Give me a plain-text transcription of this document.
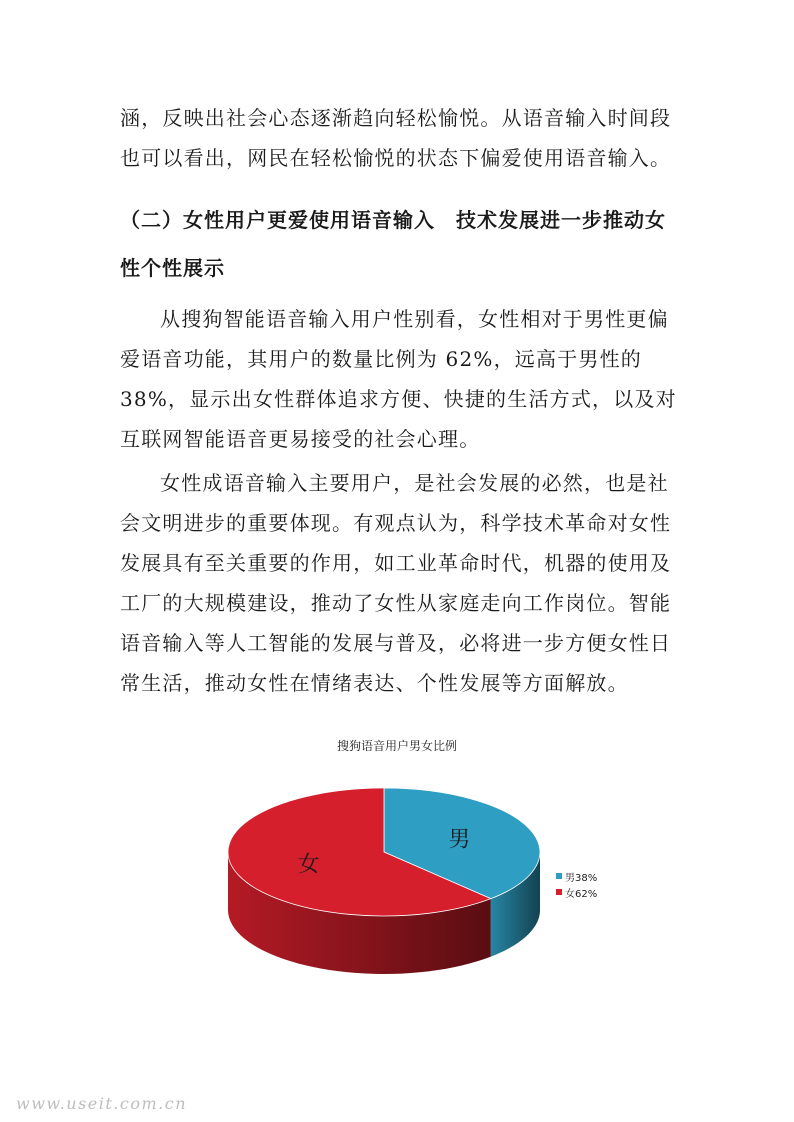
涵，反映出社会心态逐渐趋向轻松愉悦。从语音输入时间段也可以看出，网民在轻松愉悦的状态下偏爱使用语音输入。
（二）女性用户更爱使用语音输入　技术发展进一步推动女性个性展示
从搜狗智能语音输入用户性别看，女性相对于男性更偏爱语音功能，其用户的数量比例为 62%，远高于男性的 38%，显示出女性群体追求方便、快捷的生活方式，以及对互联网智能语音更易接受的社会心理。
女性成语音输入主要用户，是社会发展的必然，也是社会文明进步的重要体现。有观点认为，科学技术革命对女性发展具有至关重要的作用，如工业革命时代，机器的使用及工厂的大规模建设，推动了女性从家庭走向工作岗位。智能语音输入等人工智能的发展与普及，必将进一步方便女性日常生活，推动女性在情绪表达、个性发展等方面解放。
搜狗语音用户男女比例
男
女
男38%
女62%
www.useit.com.cn
